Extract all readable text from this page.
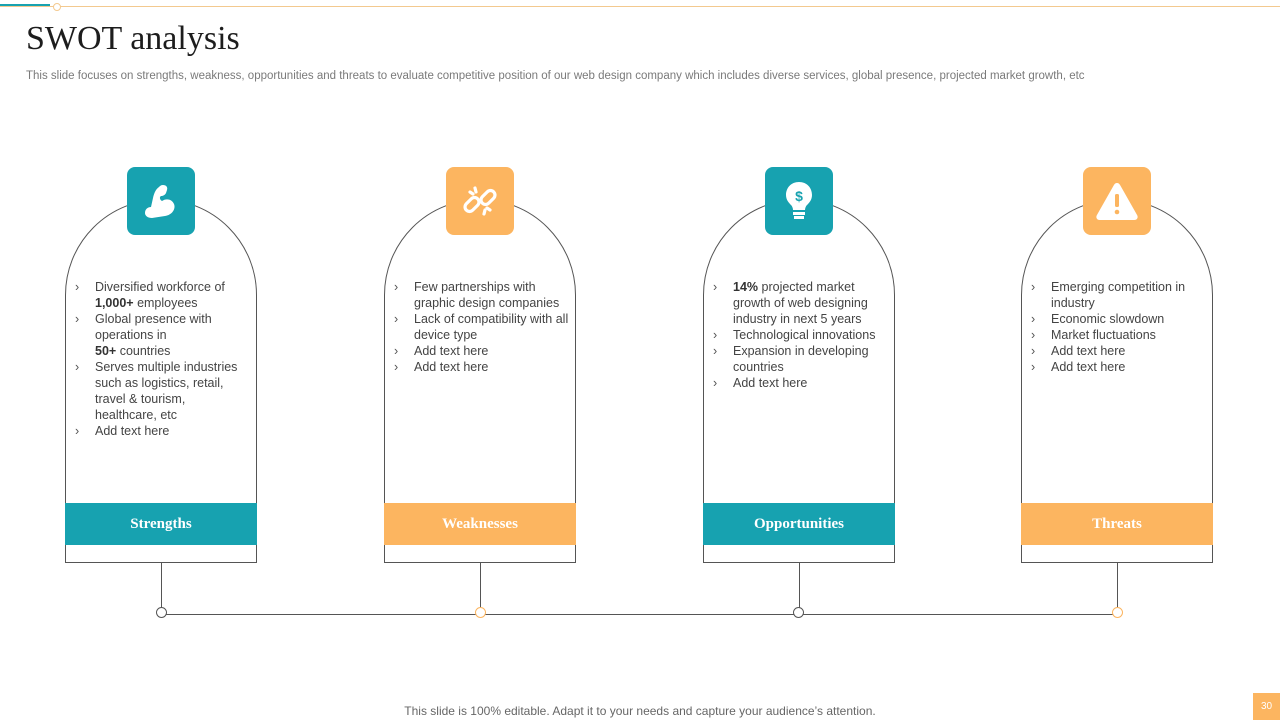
SWOT analysis
This slide focuses on strengths, weakness, opportunities and threats to evaluate competitive position of our web design company which includes diverse services, global presence, projected market growth, etc
› Diversified workforce of
1,000+ employees
› Global presence with operations in
50+ countries
› Serves multiple industries such as logistics, retail, travel & tourism, healthcare, etc
› Add text here
Strengths
› Few partnerships with graphic design companies
› Lack of compatibility with all device type
› Add text here
› Add text here
Weaknesses
$
› 14% projected market growth of web designing industry in next 5 years
› Technological innovations
› Expansion in developing countries
› Add text here
Opportunities
› Emerging competition in industry
› Economic slowdown
› Market fluctuations
› Add text here
› Add text here
Threats
This slide is 100% editable. Adapt it to your needs and capture your audience’s attention.	30
